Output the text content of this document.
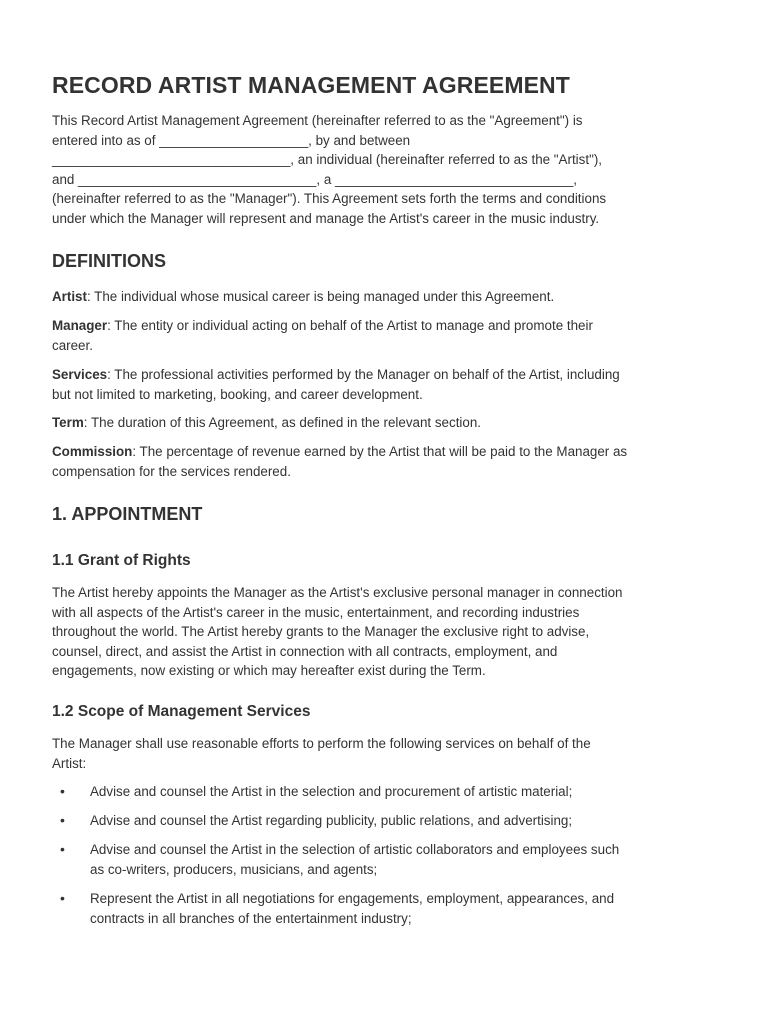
RECORD ARTIST MANAGEMENT AGREEMENT

This Record Artist Management Agreement (hereinafter referred to as the "Agreement") is
entered into as of ____________________, by and between
________________________________, an individual (hereinafter referred to as the "Artist"),
and ________________________________, a ________________________________,
(hereinafter referred to as the "Manager"). This Agreement sets forth the terms and conditions
under which the Manager will represent and manage the Artist's career in the music industry.

DEFINITIONS

Artist: The individual whose musical career is being managed under this Agreement.

Manager: The entity or individual acting on behalf of the Artist to manage and promote their
career.

Services: The professional activities performed by the Manager on behalf of the Artist, including
but not limited to marketing, booking, and career development.

Term: The duration of this Agreement, as defined in the relevant section.

Commission: The percentage of revenue earned by the Artist that will be paid to the Manager as
compensation for the services rendered.

1. APPOINTMENT
1.1 Grant of Rights

The Artist hereby appoints the Manager as the Artist's exclusive personal manager in connection
with all aspects of the Artist's career in the music, entertainment, and recording industries
throughout the world. The Artist hereby grants to the Manager the exclusive right to advise,
counsel, direct, and assist the Artist in connection with all contracts, employment, and
engagements, now existing or which may hereafter exist during the Term.

1.2 Scope of Management Services

The Manager shall use reasonable efforts to perform the following services on behalf of the
Artist:

• Advise and counsel the Artist in the selection and procurement of artistic material;
• Advise and counsel the Artist regarding publicity, public relations, and advertising;
• Advise and counsel the Artist in the selection of artistic collaborators and employees such
as co-writers, producers, musicians, and agents;
• Represent the Artist in all negotiations for engagements, employment, appearances, and
contracts in all branches of the entertainment industry;
